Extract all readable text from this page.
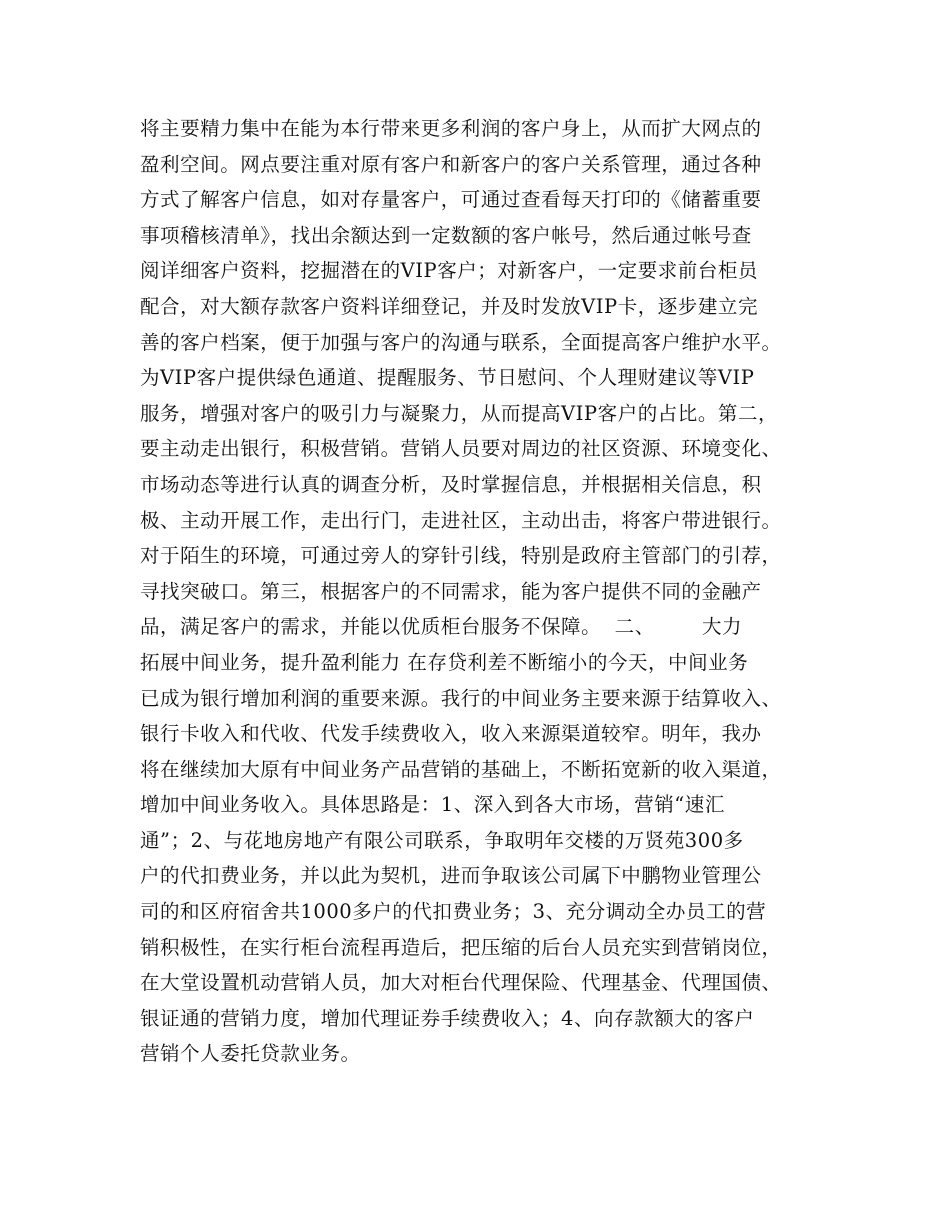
将主要精力集中在能为本行带来更多利润的客户身上，从而扩大网点的
盈利空间。网点要注重对原有客户和新客户的客户关系管理，通过各种
方式了解客户信息，如对存量客户，可通过查看每天打印的《储蓄重要
事项稽核清单》，找出余额达到一定数额的客户帐号，然后通过帐号查
阅详细客户资料，挖掘潜在的VIP客户；对新客户，一定要求前台柜员
配合，对大额存款客户资料详细登记，并及时发放VIP卡，逐步建立完
善的客户档案，便于加强与客户的沟通与联系，全面提高客户维护水平。
为VIP客户提供绿色通道、提醒服务、节日慰问、个人理财建议等VIP
服务，增强对客户的吸引力与凝聚力，从而提高VIP客户的占比。第二，
要主动走出银行，积极营销。营销人员要对周边的社区资源、环境变化、
市场动态等进行认真的调查分析，及时掌握信息，并根据相关信息，积
极、主动开展工作，走出行门，走进社区，主动出击，将客户带进银行。
对于陌生的环境，可通过旁人的穿针引线，特别是政府主管部门的引荐，
寻找突破口。第三，根据客户的不同需求，能为客户提供不同的金融产
品，满足客户的需求，并能以优质柜台服务不保障。  二、       大力
拓展中间业务，提升盈利能力 在存贷利差不断缩小的今天，中间业务
已成为银行增加利润的重要来源。我行的中间业务主要来源于结算收入、
银行卡收入和代收、代发手续费收入，收入来源渠道较窄。明年，我办
将在继续加大原有中间业务产品营销的基础上，不断拓宽新的收入渠道，
增加中间业务收入。具体思路是：1、深入到各大市场，营销“速汇
通”；2、与花地房地产有限公司联系，争取明年交楼的万贤苑300多
户的代扣费业务，并以此为契机，进而争取该公司属下中鹏物业管理公
司的和区府宿舍共1000多户的代扣费业务；3、充分调动全办员工的营
销积极性，在实行柜台流程再造后，把压缩的后台人员充实到营销岗位，
在大堂设置机动营销人员，加大对柜台代理保险、代理基金、代理国债、
银证通的营销力度，增加代理证券手续费收入；4、向存款额大的客户
营销个人委托贷款业务。
